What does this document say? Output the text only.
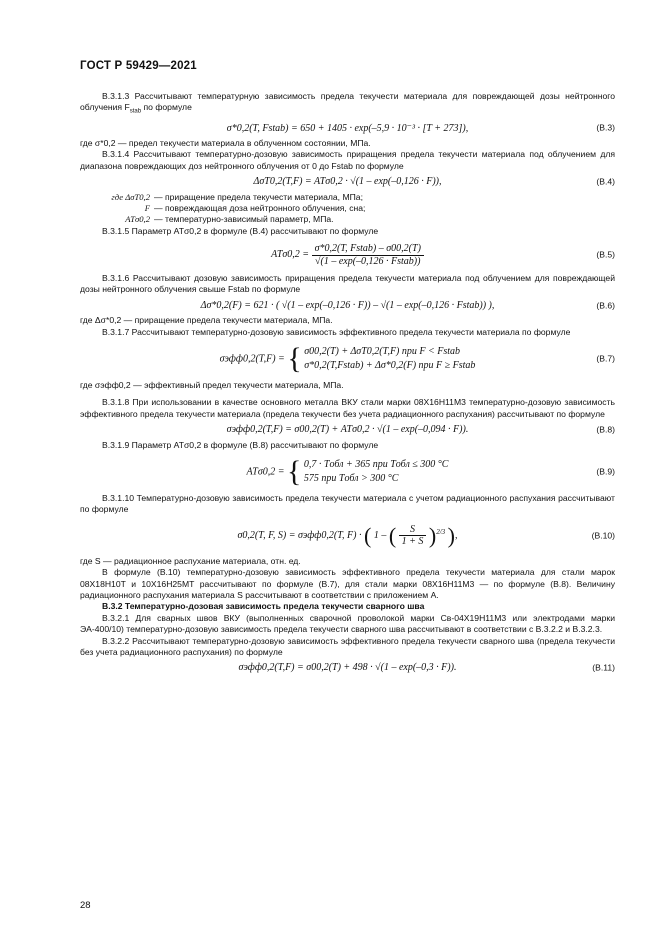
ГОСТ Р 59429—2021

В.3.1.3 Рассчитывают температурную зависимость предела текучести материала для повреждающей дозы нейтронного облучения $F_{stab}$ по формуле

σ*0,2(T, Fstab) = 650 + 1405 · exp(–5,9 · 10⁻³ · [T + 273]),	(В.3)

где σ*0,2 — предел текучести материала в облученном состоянии, МПа.

В.3.1.4 Рассчитывают температурно-дозовую зависимость приращения предела текучести материала под облучением для диапазона повреждающих доз нейтронного облучения от 0 до Fstab по формуле

ΔσT0,2(T,F) = ATσ0,2 · √(1 – exp(–0,126 · F)),	(В.4)
где ΔσT0,2 — приращение предела текучести материала, МПа;
F — повреждающая доза нейтронного облучения, сна;
ATσ0,2 — температурно-зависимый параметр, МПа.

В.3.1.5 Параметр ATσ0,2 в формуле (В.4) рассчитывают по формуле

$AT\sigma 0,2 = \frac{\text{σ*0,2(T, Fstab) – σ00,2(T)}}{\text{√(1 – exp(–0,126 · Fstab))}}$	(В.5)

В.3.1.6 Рассчитывают дозовую зависимость приращения предела текучести материала под облучением для повреждающей дозы нейтронного облучения свыше Fstab по формуле

Δσ*0,2(F) = 621 · ( √(1 – exp(–0,126 · F)) – √(1 – exp(–0,126 · Fstab)) ),	(В.6)

где Δσ*0,2 — приращение предела текучести материала, МПа.

В.3.1.7 Рассчитывают температурно-дозовую зависимость эффективного предела текучести материала по формуле

σэфф0,2(T,F) = { σ00,2(T) + ΔσT0,2(T,F) при F < Fstab
σ*0,2(T,Fstab) + Δσ*0,2(F) при F ≥ Fstab
(В.7)

где σэфф0,2 — эффективный предел текучести материала, МПа.

В.3.1.8 При использовании в качестве основного металла ВКУ стали марки 08Х16Н11М3 температурно-дозовую зависимость эффективного предела текучести материала (предела текучести без учета радиационного распухания) рассчитывают по формуле

σэфф0,2(T,F) = σ00,2(T) + ATσ0,2 · √(1 – exp(–0,094 · F)).	(В.8)

В.3.1.9 Параметр ATσ0,2 в формуле (В.8) рассчитывают по формуле

ATσ0,2 = { 0,7 · Tобл + 365 при Tобл ≤ 300 °С
575 при Tобл > 300 °С
(В.9)

В.3.1.10 Температурно-дозовую зависимость предела текучести материала с учетом радиационного распухания рассчитывают по формуле

σ0,2(T, F, S) = σэфф0,2(T, F) · ( 1 – ( $\frac{S}{1 + S} )^{2/3}$ ),	(В.10)

где S — радиационное распухание материала, отн. ед.

В формуле (В.10) температурно-дозовую зависимость эффективного предела текучести материала для стали марок 08Х18Н10Т и 10Х16Н25МТ рассчитывают по формуле (В.7), для стали марки 08Х16Н11М3 — по формуле (В.8). Величину радиационного распухания материала S рассчитывают в соответствии с приложением А.

В.3.2 Температурно-дозовая зависимость предела текучести сварного шва

В.3.2.1 Для сварных швов ВКУ (выполненных сварочной проволокой марки Св-04Х19Н11М3 или электродами марки ЭА-400/10) температурно-дозовую зависимость предела текучести сварного шва рассчитывают в соответствии с В.3.2.2 и В.3.2.3.

В.3.2.2 Рассчитывают температурно-дозовую зависимость эффективного предела текучести сварного шва (предела текучести без учета радиационного распухания) по формуле

σэфф0,2(T,F) = σ00,2(T) + 498 · √(1 – exp(–0,3 · F)).	(В.11)
28
